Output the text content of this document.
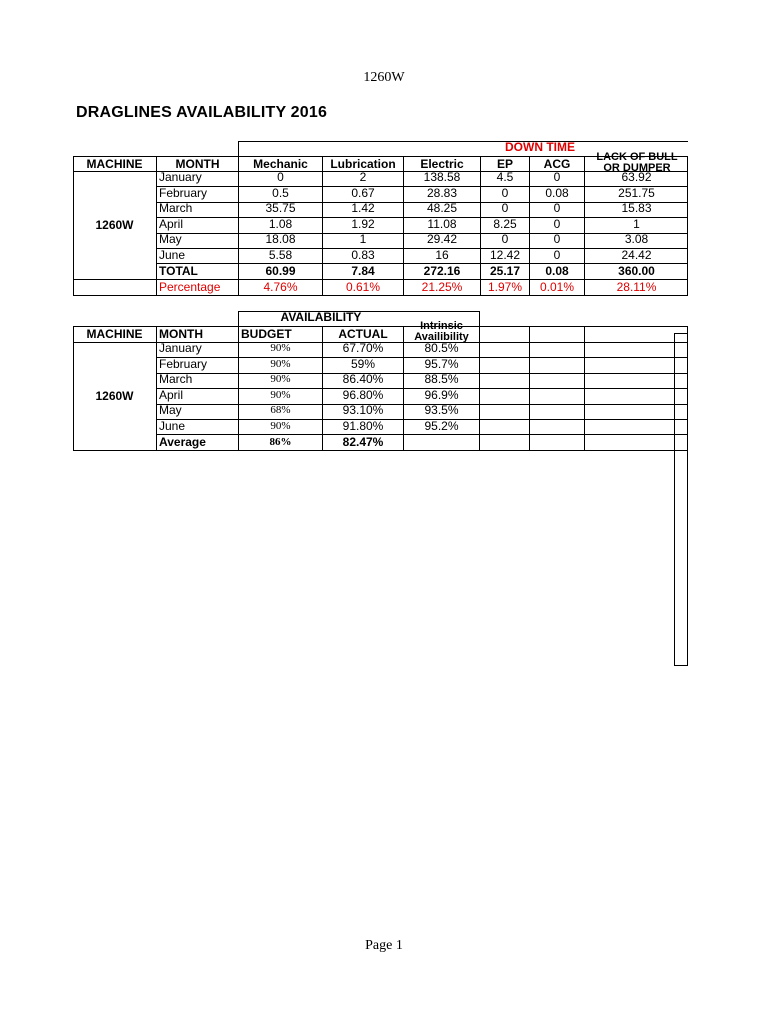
1260W
DRAGLINES AVAILABILITY 2016
DOWN TIME
MACHINE	MONTH	Mechanic	Lubrication	Electric	EP	ACG	LACK OF BULL OR DUMPER
1260W
January	0	2	138.58	4.5	0	63.92
February	0.5	0.67	28.83	0	0.08	251.75
March	35.75	1.42	48.25	0	0	15.83
April	1.08	1.92	11.08	8.25	0	1
May	18.08	1	29.42	0	0	3.08
June	5.58	0.83	16	12.42	0	24.42
TOTAL	60.99	7.84	272.16	25.17	0.08	360.00
Percentage	4.76%	0.61%	21.25%	1.97%	0.01%	28.11%
AVAILABILITY
MACHINE	MONTH	BUDGET	ACTUAL
Intrinsic Availibility
1260W
January	90%	67.70%	80.5%
February	90%	59%	95.7%
March	90%	86.40%	88.5%
April	90%	96.80%	96.9%
May	68%	93.10%	93.5%
June	90%	91.80%	95.2%
Average	86%	82.47%
Page 1
